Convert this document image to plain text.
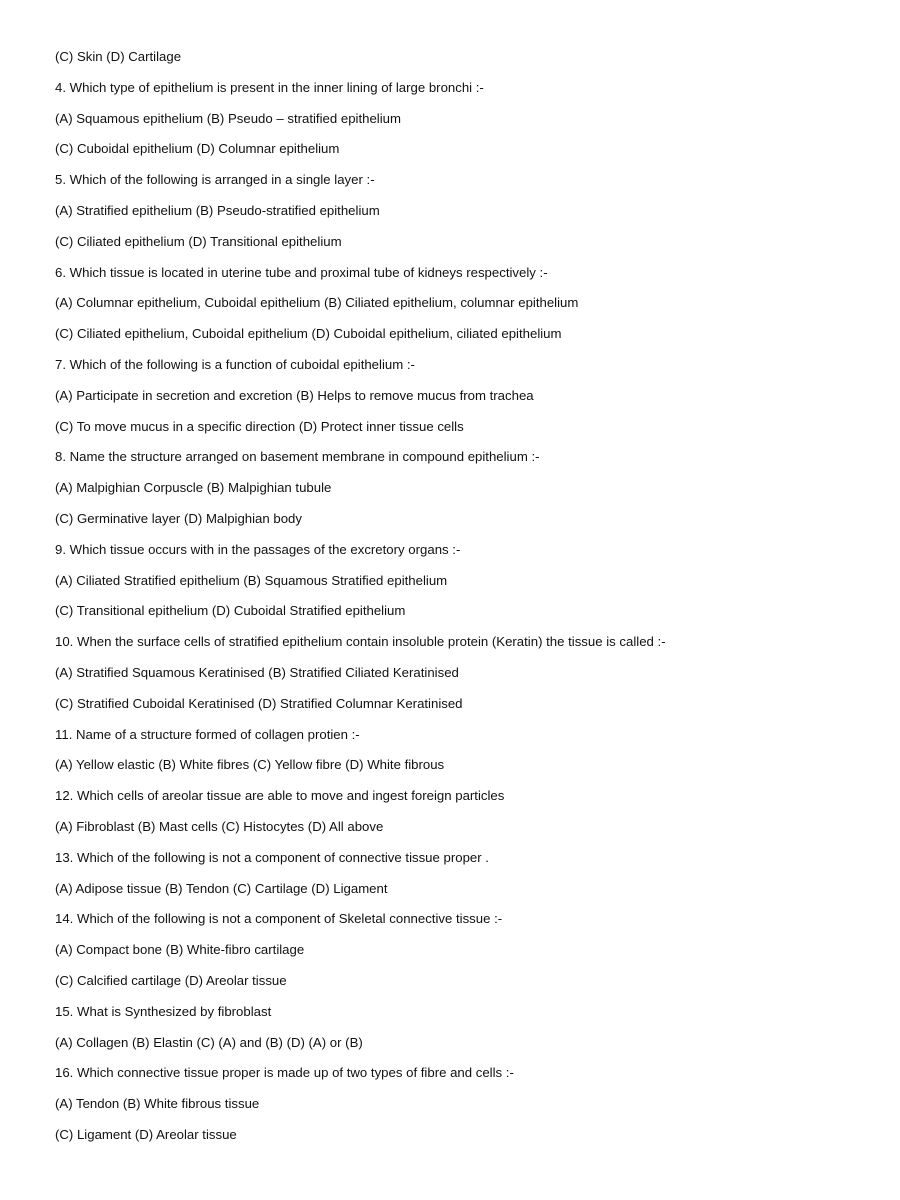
(C) Skin (D) Cartilage
4. Which type of epithelium is present in the inner lining of large bronchi :-
(A) Squamous epithelium (B) Pseudo – stratified epithelium
(C) Cuboidal epithelium (D) Columnar epithelium
5. Which of the following is arranged in a single layer :-
(A) Stratified epithelium (B) Pseudo-stratified epithelium
(C) Ciliated epithelium (D) Transitional epithelium
6. Which tissue is located in uterine tube and proximal tube of kidneys respectively :-
(A) Columnar epithelium, Cuboidal epithelium (B) Ciliated epithelium, columnar epithelium
(C) Ciliated epithelium, Cuboidal epithelium (D) Cuboidal epithelium, ciliated epithelium
7. Which of the following is a function of cuboidal epithelium :-
(A) Participate in secretion and excretion (B) Helps to remove mucus from trachea
(C) To move mucus in a specific direction (D) Protect inner tissue cells
8. Name the structure arranged on basement membrane in compound epithelium :-
(A) Malpighian Corpuscle (B) Malpighian tubule
(C) Germinative layer (D) Malpighian body
9. Which tissue occurs with in the passages of the excretory organs :-
(A) Ciliated Stratified epithelium (B) Squamous Stratified epithelium
(C) Transitional epithelium (D) Cuboidal Stratified epithelium
10. When the surface cells of stratified epithelium contain insoluble protein (Keratin) the tissue is called :-
(A) Stratified Squamous Keratinised (B) Stratified Ciliated Keratinised
(C) Stratified Cuboidal Keratinised (D) Stratified Columnar Keratinised
11. Name of a structure formed of collagen protien :-
(A) Yellow elastic (B) White fibres (C) Yellow fibre (D) White fibrous
12. Which cells of areolar tissue are able to move and ingest foreign particles
(A) Fibroblast (B) Mast cells (C) Histocytes (D) All above
13. Which of the following is not a component of connective tissue proper .
(A) Adipose tissue (B) Tendon (C) Cartilage (D) Ligament
14. Which of the following is not a component of Skeletal connective tissue :-
(A) Compact bone (B) White-fibro cartilage
(C) Calcified cartilage (D) Areolar tissue
15. What is Synthesized by fibroblast
(A) Collagen (B) Elastin (C) (A) and (B) (D) (A) or (B)
16. Which connective tissue proper is made up of two types of fibre and cells :-
(A) Tendon (B) White fibrous tissue
(C) Ligament (D) Areolar tissue
